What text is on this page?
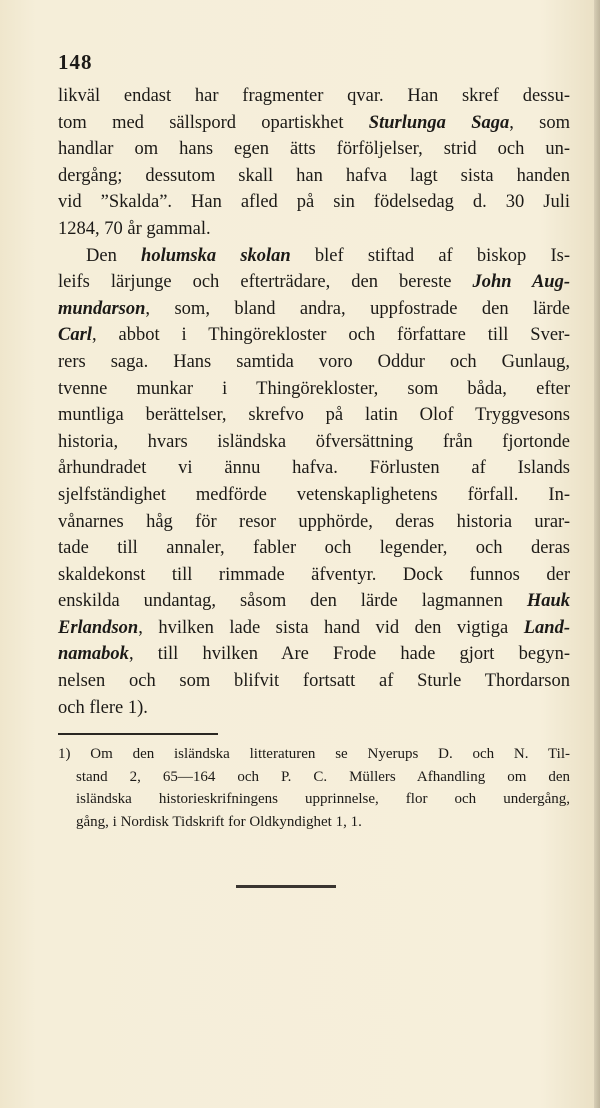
148
likväl endast har fragmenter qvar. Han skref dessu-
tom med sällspord opartiskhet Sturlunga Saga, som
handlar om hans egen ätts förföljelser, strid och un-
dergång; dessutom skall han hafva lagt sista handen
vid ”Skalda”. Han afled på sin födelsedag d. 30 Juli
1284, 70 år gammal.
Den holumska skolan blef stiftad af biskop Is-
leifs lärjunge och efterträdare, den bereste John Aug-
mundarson, som, bland andra, uppfostrade den lärde
Carl, abbot i Thingörekloster och författare till Sver-
rers saga. Hans samtida voro Oddur och Gunlaug,
tvenne munkar i Thingörekloster, som båda, efter
muntliga berättelser, skrefvo på latin Olof Tryggvesons
historia, hvars isländska öfversättning från fjortonde
århundradet vi ännu hafva. Förlusten af Islands
sjelfständighet medförde vetenskaplighetens förfall. In-
vånarnes håg för resor upphörde, deras historia urar-
tade till annaler, fabler och legender, och deras
skaldekonst till rimmade äfventyr. Dock funnos der
enskilda undantag, såsom den lärde lagmannen Hauk
Erlandson, hvilken lade sista hand vid den vigtiga Land-
namabok, till hvilken Are Frode hade gjort begyn-
nelsen och som blifvit fortsatt af Sturle Thordarson
och flere 1).
1) Om den isländska litteraturen se Nyerups D. och N. Til-
stand 2, 65—164 och P. C. Müllers Afhandling om den
isländska historieskrifningens upprinnelse, flor och undergång,
gång, i Nordisk Tidskrift for Oldkyndighet 1, 1.
